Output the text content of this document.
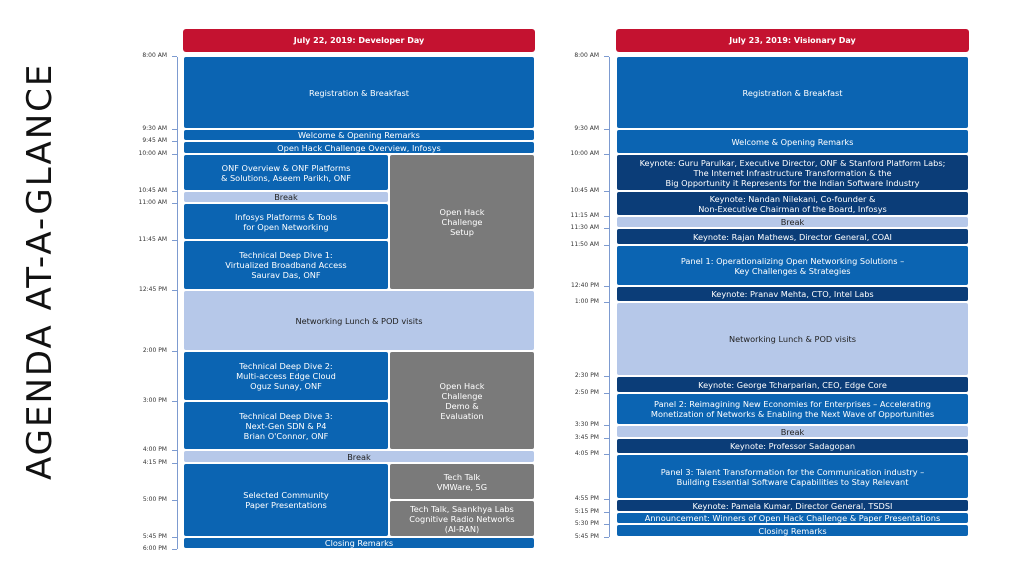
AGENDA AT-A-GLANCE
July 22, 2019: Developer Day
8:00 AM
9:30 AM
9:45 AM
10:00 AM
10:45 AM
11:00 AM
11:45 AM
12:45 PM
2:00 PM
3:00 PM
4:00 PM
4:15 PM
5:00 PM
5:45 PM
6:00 PM
Registration & Breakfast
Welcome & Opening Remarks
Open Hack Challenge Overview, Infosys
ONF Overview & ONF Platforms
& Solutions, Aseem Parikh, ONF
Break
Infosys Platforms & Tools
for Open Networking
Technical Deep Dive 1:
Virtualized Broadband Access
Saurav Das, ONF
Open Hack
Challenge
Setup
Networking Lunch & POD visits
Technical Deep Dive 2:
Multi-access Edge Cloud
Oguz Sunay, ONF
Technical Deep Dive 3:
Next-Gen SDN & P4
Brian O'Connor, ONF
Open Hack
Challenge
Demo &
Evaluation
Break
Selected Community
Paper Presentations
Tech Talk
VMWare, 5G
Tech Talk, Saankhya Labs
Cognitive Radio Networks
(AI-RAN)
Closing Remarks
July 23, 2019: Visionary Day
8:00 AM
9:30 AM
10:00 AM
10:45 AM
11:15 AM
11:30 AM
11:50 AM
12:40 PM
1:00 PM
2:30 PM
2:50 PM
3:30 PM
3:45 PM
4:05 PM
4:55 PM
5:15 PM
5:30 PM
5:45 PM
Registration & Breakfast
Welcome & Opening Remarks
Keynote: Guru Parulkar, Executive Director, ONF & Stanford Platform Labs;
The Internet Infrastructure Transformation & the
Big Opportunity it Represents for the Indian Software Industry
Keynote: Nandan Nilekani, Co-founder &
Non-Executive Chairman of the Board, Infosys
Break
Keynote: Rajan Mathews, Director General, COAI
Panel 1: Operationalizing Open Networking Solutions –
Key Challenges & Strategies
Keynote: Pranav Mehta, CTO, Intel Labs
Networking Lunch & POD visits
Keynote: George Tcharparian, CEO, Edge Core
Panel 2: Reimagining New Economies for Enterprises – Accelerating
Monetization of Networks & Enabling the Next Wave of Opportunities
Break
Keynote: Professor Sadagopan
Panel 3: Talent Transformation for the Communication industry –
Building Essential Software Capabilities to Stay Relevant
Keynote: Pamela Kumar, Director General, TSDSI
Announcement: Winners of Open Hack Challenge & Paper Presentations
Closing Remarks
